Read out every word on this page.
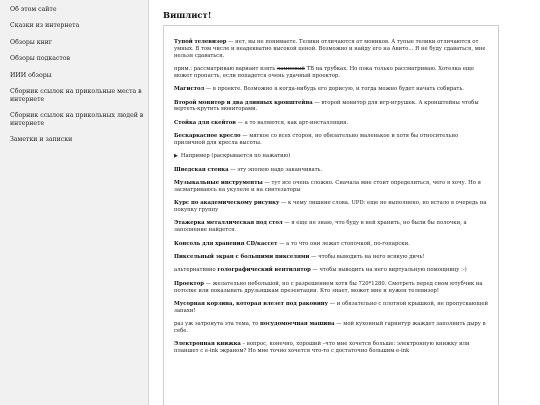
Об этом сайте
Сказки из интернета
Обзоры книг
Обзоры подкастов
ИИИ обзоры
Сборник ссылок на прикольные места в интернете
Сборник ссылок на прикольных людей в интернете
Заметки и записки
Вишлист!

Тупой телевизор — нет, вы не понимаете. Телики отличаются от моников. А тупые телики отличаются от умных. В том числе и неадекватно высокой ценой. Возможно и найду его на Авито... Я не буду сдаваться, мне нельзя сдаваться.

прим.: рассматриваю вариант взять ламповый ТВ на трубках. Но пока только рассматриваю. Хотелка еще может пропасть, если попадется очень удачный проектор.

Магистол — в проекте. Возможно я когда-нибудь его дорисую, и тогда можно будет начать собирать.

Второй монитор и два длинных кронштейна — второй монитор для игр-игрушек. А кронштейны чтобы вертеть-крутить мониторами.

Стойка для скейтов — а то валяются, как арт-инсталляция.

Бескаркасное кресло — мягкое со всех сторон, но обязательно маленькое и хотя бы относительно приличной для кресла высоты.

▶ Например (раскрывается по нажатию)

Шведская стенка — эту эпопею надо заканчивать.

Музыкальные инструменты — тут все очень сложно. Сначала мне стоит определиться, чего я хочу. Но я засматриваюсь на укулеле и на синтезаторы

Курс по академическому рисунку — к чему лишние слова. UPD: еще не выполнено, но встало в очередь на покупку группу

Этажерка металлическая под стол — я еще не знаю, что буду в ней хранить, но были бы полочки, а заполнение найдется.

Консоль для хранения CD/кассет — а то что они лежат стопочкой, по-гопарски.

Пиксельный экран с большими пикселями — чтобы выводить на него всякую дичь!

альтернативно голографический вентилятор — чтобы выводить на него виртуальную помощницу :-)

Проектор — желательно небольшой, но с разрешением хотя бы 720*1280. Смотреть перед сном ютубчик на потолке или показывать друзьяшкам презентации. Кто знает, может мне и нужен телевизор!

Мусорная корзина, которая влезет под раковину — и обязательно с плотной крышкой, не пропускающей запахи!

раз уж затронута эта тема, то посудомоечная машина — мой кухонный гарнитур жаждет заполнить дыру в себе.

Электронная книжка – вопрос, конечно, хороший –что мне хочется больше: электронную книжку или планшет с e-ink экраном? Но мне точно хочется что-то с достаточно большим e-ink
